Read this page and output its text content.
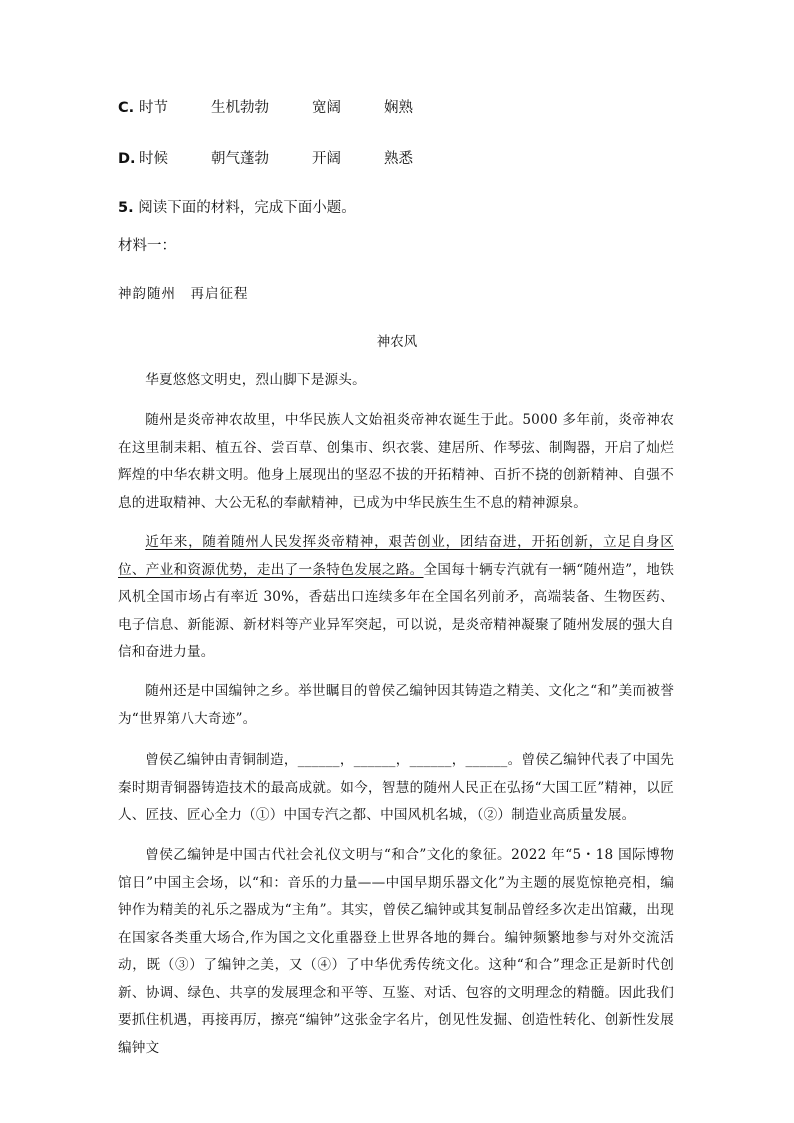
C. 时节	生机勃勃	宽阔	娴熟
D. 时候	朝气蓬勃	开阔	熟悉
5. 阅读下面的材料，完成下面小题。
材料一：
神韵随州　再启征程
神农风
华夏悠悠文明史，烈山脚下是源头。
随州是炎帝神农故里，中华民族人文始祖炎帝神农诞生于此。5000 多年前，炎帝神农在这里制耒耜、植五谷、尝百草、创集市、织衣裳、建居所、作琴弦、制陶器，开启了灿烂辉煌的中华农耕文明。他身上展现出的坚忍不拔的开拓精神、百折不挠的创新精神、自强不息的进取精神、大公无私的奉献精神，已成为中华民族生生不息的精神源泉。
近年来，随着随州人民发挥炎帝精神，艰苦创业，团结奋进，开拓创新，立足自身区位、产业和资源优势，走出了一条特色发展之路。全国每十辆专汽就有一辆“随州造”，地铁风机全国市场占有率近 30%，香菇出口连续多年在全国名列前矛，高端装备、生物医药、电子信息、新能源、新材料等产业异军突起，可以说，是炎帝精神凝聚了随州发展的强大自信和奋进力量。
随州还是中国编钟之乡。举世瞩目的曾侯乙编钟因其铸造之精美、文化之“和”美而被誉为“世界第八大奇迹”。
曾侯乙编钟由青铜制造，______，______，______，______。曾侯乙编钟代表了中国先秦时期青铜器铸造技术的最高成就。如今，智慧的随州人民正在弘扬“大国工匠”精神，以匠人、匠技、匠心全力（①）中国专汽之都、中国风机名城，（②）制造业高质量发展。
曾侯乙编钟是中国古代社会礼仪文明与“和合”文化的象征。2022 年“5・18 国际博物馆日”中国主会场，以“和：音乐的力量——中国早期乐器文化”为主题的展览惊艳亮相，编钟作为精美的礼乐之器成为“主角”。其实，曾侯乙编钟或其复制品曾经多次走出馆藏，出现在国家各类重大场合,作为国之文化重器登上世界各地的舞台。编钟频繁地参与对外交流活动，既（③）了编钟之美，又（④）了中华优秀传统文化。这种“和合”理念正是新时代创新、协调、绿色、共享的发展理念和平等、互鉴、对话、包容的文明理念的精髓。因此我们要抓住机遇，再接再厉，擦亮“编钟”这张金字名片，创见性发掘、创造性转化、创新性发展编钟文
